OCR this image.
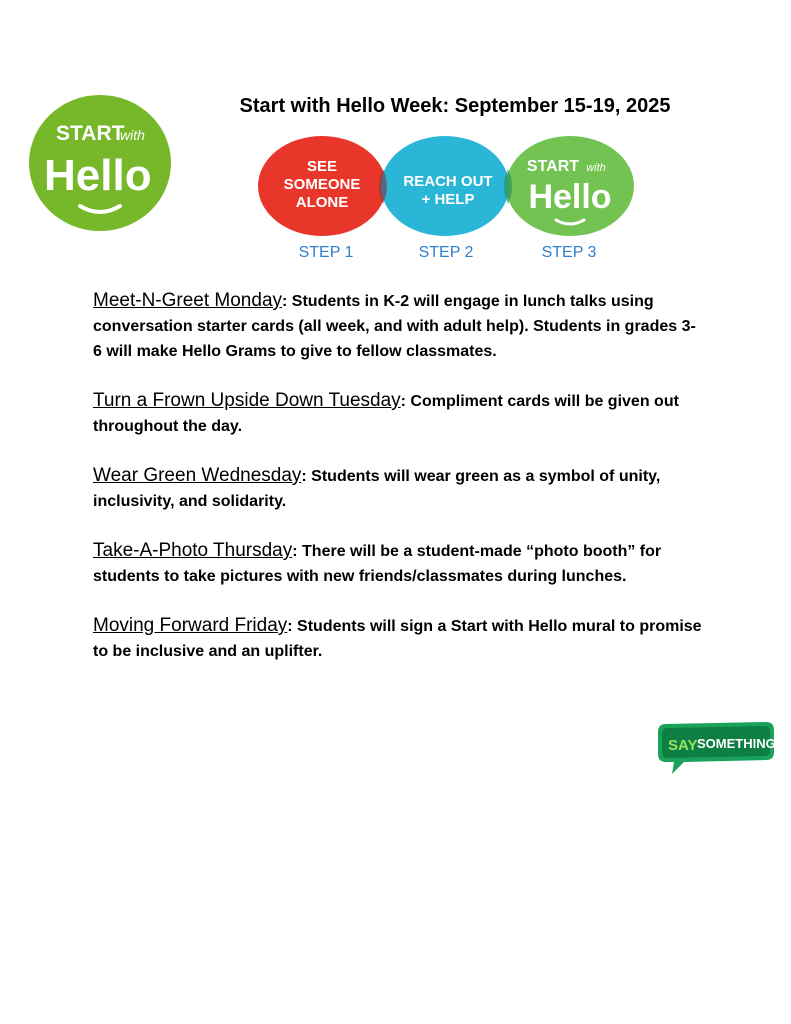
START
with
Hello
Start with Hello Week: September 15-19, 2025
SEE
SOMEONE
ALONE
REACH OUT
+ HELP
START with
Hello
STEP 1	STEP 2	STEP 3

Meet-N-Greet Monday: Students in K-2 will engage in lunch talks using conversation starter cards (all week, and with adult help). Students in grades 3-6 will make Hello Grams to give to fellow classmates.

Turn a Frown Upside Down Tuesday: Compliment cards will be given out throughout the day.

Wear Green Wednesday: Students will wear green as a symbol of unity, inclusivity, and solidarity.

Take-A-Photo Thursday: There will be a student-made “photo booth” for students to take pictures with new friends/classmates during lunches.

Moving Forward Friday: Students will sign a Start with Hello mural to promise to be inclusive and an uplifter.

SAY SOMETHING
